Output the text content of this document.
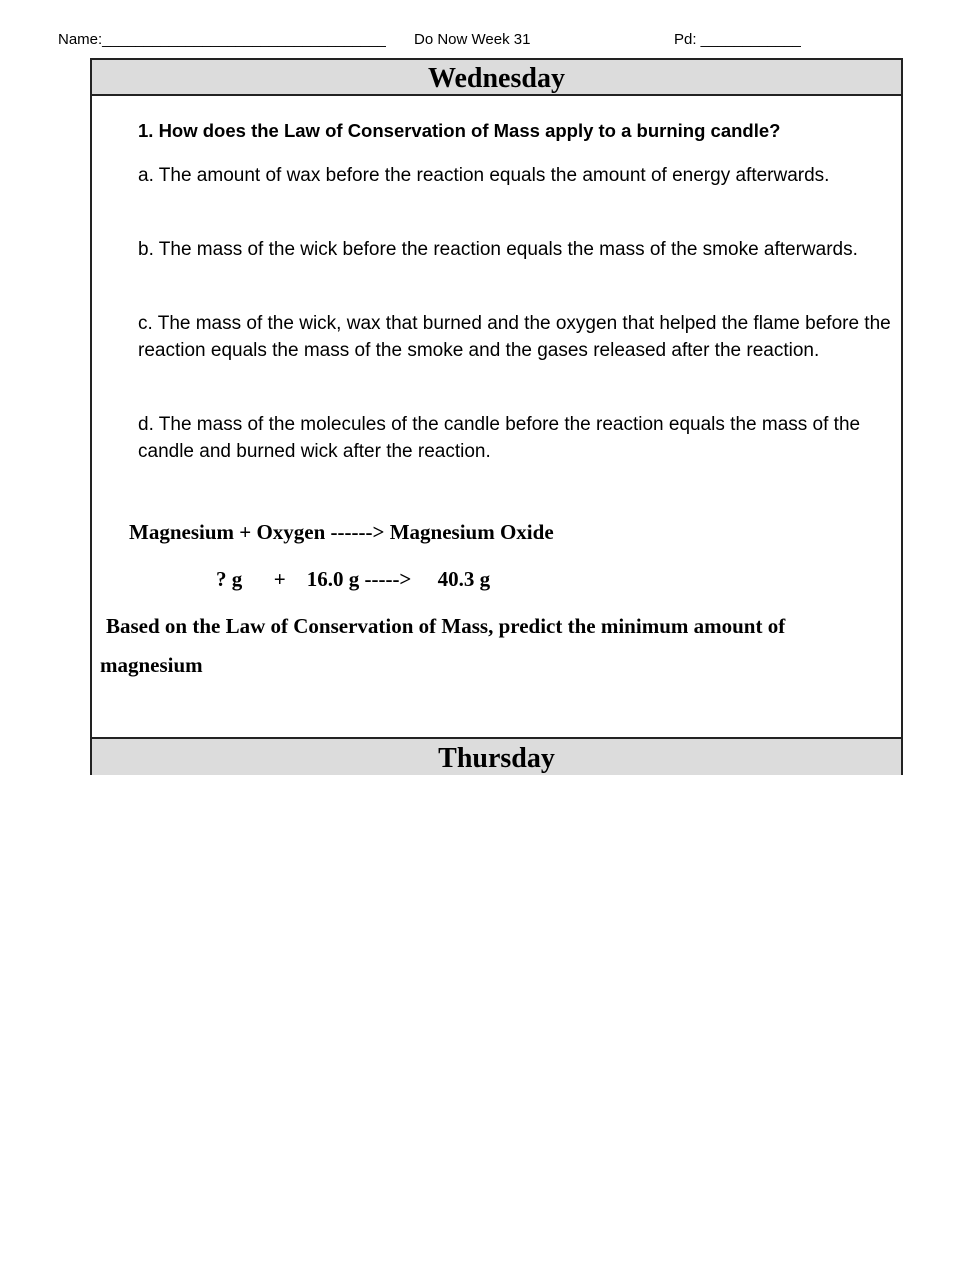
Name:__________________________________ Do Now Week 31	Pd: ____________
Wednesday
1. How does the Law of Conservation of Mass apply to a burning candle?
a. The amount of wax before the reaction equals the amount of energy afterwards.
b. The mass of the wick before the reaction equals the mass of the smoke afterwards.
c. The mass of the wick, wax that burned and the oxygen that helped the flame before the reaction equals the mass of the smoke and the gases released after the reaction.
d. The mass of the molecules of the candle before the reaction equals the mass of the candle and burned wick after the reaction.
Magnesium + Oxygen ------> Magnesium Oxide
? g      +    16.0 g ----->     40.3 g
Based on the Law of Conservation of Mass, predict the minimum amount of
magnesium
Thursday
